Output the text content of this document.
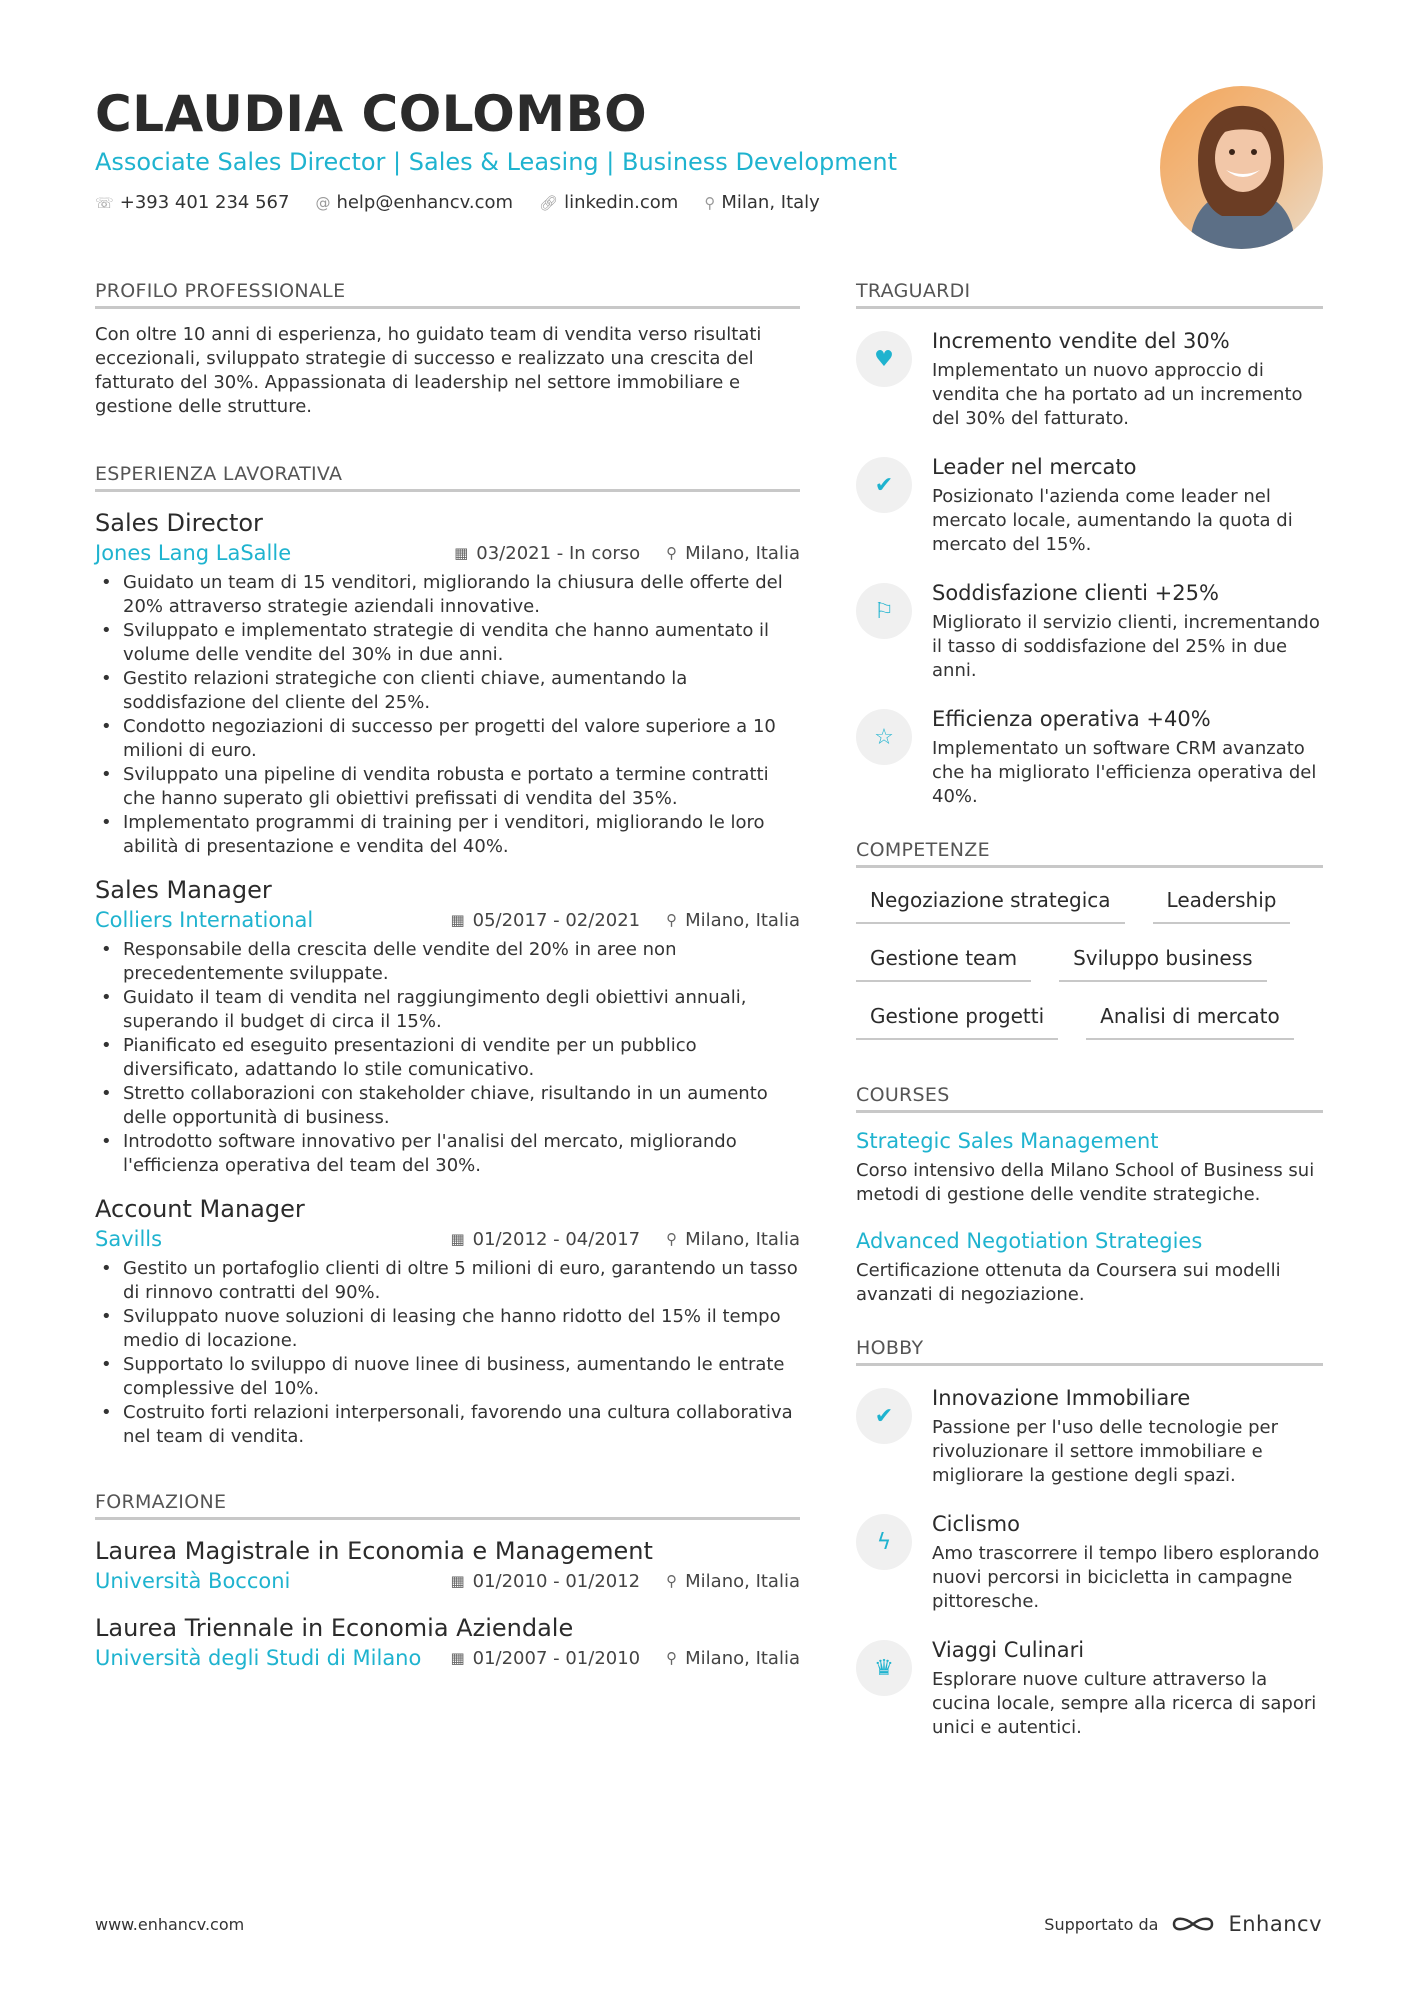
CLAUDIA COLOMBO
Associate Sales Director | Sales & Leasing | Business Development
☏ +393 401 234 567 @ help@enhancv.com 🔗︎ linkedin.com ⚲ Milan, Italy
PROFILO PROFESSIONALE
Con oltre 10 anni di esperienza, ho guidato team di vendita verso risultati eccezionali, sviluppato strategie di successo e realizzato una crescita del fatturato del 30%. Appassionata di leadership nel settore immobiliare e gestione delle strutture.
ESPERIENZA LAVORATIVA
Sales Director
Jones Lang LaSalle	▦ 03/2021 - In corso ⚲ Milano, Italia
• Guidato un team di 15 venditori, migliorando la chiusura delle offerte del 20% attraverso strategie aziendali innovative.
• Sviluppato e implementato strategie di vendita che hanno aumentato il volume delle vendite del 30% in due anni.
• Gestito relazioni strategiche con clienti chiave, aumentando la soddisfazione del cliente del 25%.
• Condotto negoziazioni di successo per progetti del valore superiore a 10 milioni di euro.
• Sviluppato una pipeline di vendita robusta e portato a termine contratti che hanno superato gli obiettivi prefissati di vendita del 35%.
• Implementato programmi di training per i venditori, migliorando le loro abilità di presentazione e vendita del 40%.
Sales Manager
Colliers International	▦ 05/2017 - 02/2021 ⚲ Milano, Italia
• Responsabile della crescita delle vendite del 20% in aree non precedentemente sviluppate.
• Guidato il team di vendita nel raggiungimento degli obiettivi annuali, superando il budget di circa il 15%.
• Pianificato ed eseguito presentazioni di vendite per un pubblico diversificato, adattando lo stile comunicativo.
• Stretto collaborazioni con stakeholder chiave, risultando in un aumento delle opportunità di business.
• Introdotto software innovativo per l'analisi del mercato, migliorando l'efficienza operativa del team del 30%.
Account Manager
Savills	▦ 01/2012 - 04/2017 ⚲ Milano, Italia
• Gestito un portafoglio clienti di oltre 5 milioni di euro, garantendo un tasso di rinnovo contratti del 90%.
• Sviluppato nuove soluzioni di leasing che hanno ridotto del 15% il tempo medio di locazione.
• Supportato lo sviluppo di nuove linee di business, aumentando le entrate complessive del 10%.
• Costruito forti relazioni interpersonali, favorendo una cultura collaborativa nel team di vendita.
FORMAZIONE
Laurea Magistrale in Economia e Management
Università Bocconi	▦ 01/2010 - 01/2012 ⚲ Milano, Italia
Laurea Triennale in Economia Aziendale
Università degli Studi di Milano ▦ 01/2007 - 01/2010 ⚲ Milano, Italia
TRAGUARDI
♥
Incremento vendite del 30%
Implementato un nuovo approccio di vendita che ha portato ad un incremento del 30% del fatturato.
✔
Leader nel mercato
Posizionato l'azienda come leader nel mercato locale, aumentando la quota di mercato del 15%.
⚐
Soddisfazione clienti +25%
Migliorato il servizio clienti, incrementando il tasso di soddisfazione del 25% in due anni.
☆
Efficienza operativa +40%
Implementato un software CRM avanzato che ha migliorato l'efficienza operativa del 40%.
COMPETENZE
Negoziazione strategica	Leadership
Gestione team	Sviluppo business
Gestione progetti	Analisi di mercato
COURSES
Strategic Sales Management
Corso intensivo della Milano School of Business sui metodi di gestione delle vendite strategiche.
Advanced Negotiation Strategies
Certificazione ottenuta da Coursera sui modelli avanzati di negoziazione.
HOBBY
✔
Innovazione Immobiliare
Passione per l'uso delle tecnologie per rivoluzionare il settore immobiliare e migliorare la gestione degli spazi.
ϟ
Ciclismo
Amo trascorrere il tempo libero esplorando nuovi percorsi in bicicletta in campagne pittoresche.
♛
Viaggi Culinari
Esplorare nuove culture attraverso la cucina locale, sempre alla ricerca di sapori unici e autentici.
www.enhancv.com	Supportato da	Enhancv
